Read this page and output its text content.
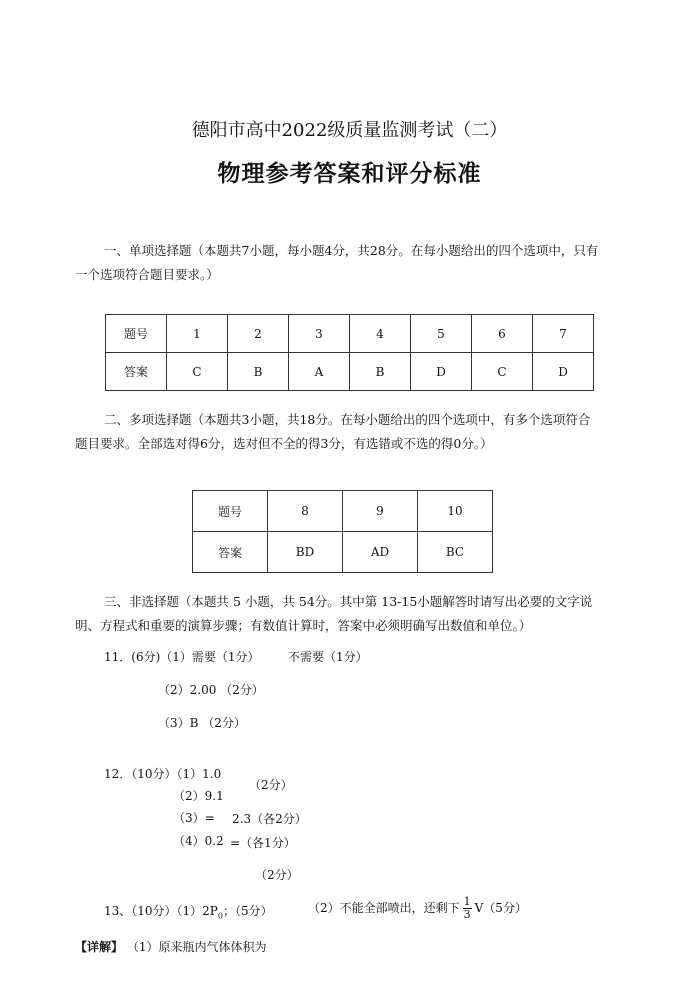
德阳市高中2022级质量监测考试（二）
物理参考答案和评分标准
一、单项选择题（本题共7小题，每小题4分，共28分。在每小题给出的四个选项中，只有
一个选项符合题目要求。）
题号	1	2	3	4	5	6	7
答案	C	B	A	B	D	C	D
二、多项选择题（本题共3小题，共18分。在每小题给出的四个选项中，有多个选项符合
题目要求。全部选对得6分，选对但不全的得3分，有选错或不选的得0分。）
题号	8	9	10
答案	BD	AD	BC
三、非选择题（本题共 5 小题，共 54分。其中第 13-15小题解答时请写出必要的文字说
明、方程式和重要的演算步骤；有数值计算时，答案中必须明确写出数值和单位。）
11．(6分)（1）需要（1分） 不需要（1分）
（2）2.00 （2分）
（3）B （2分）
12．（10分）（1）1.0
（2）9.1
（2分）
（3）= 2.3（各2分）
（4）0.2 =（各1分）
（2分）
13、（10分）$(1)2P_0$；（5分）	（2）不能全部喷出，还剩下 $\frac{1}{3} V(5$分）
【详解】 （1）原来瓶内气体体积为
